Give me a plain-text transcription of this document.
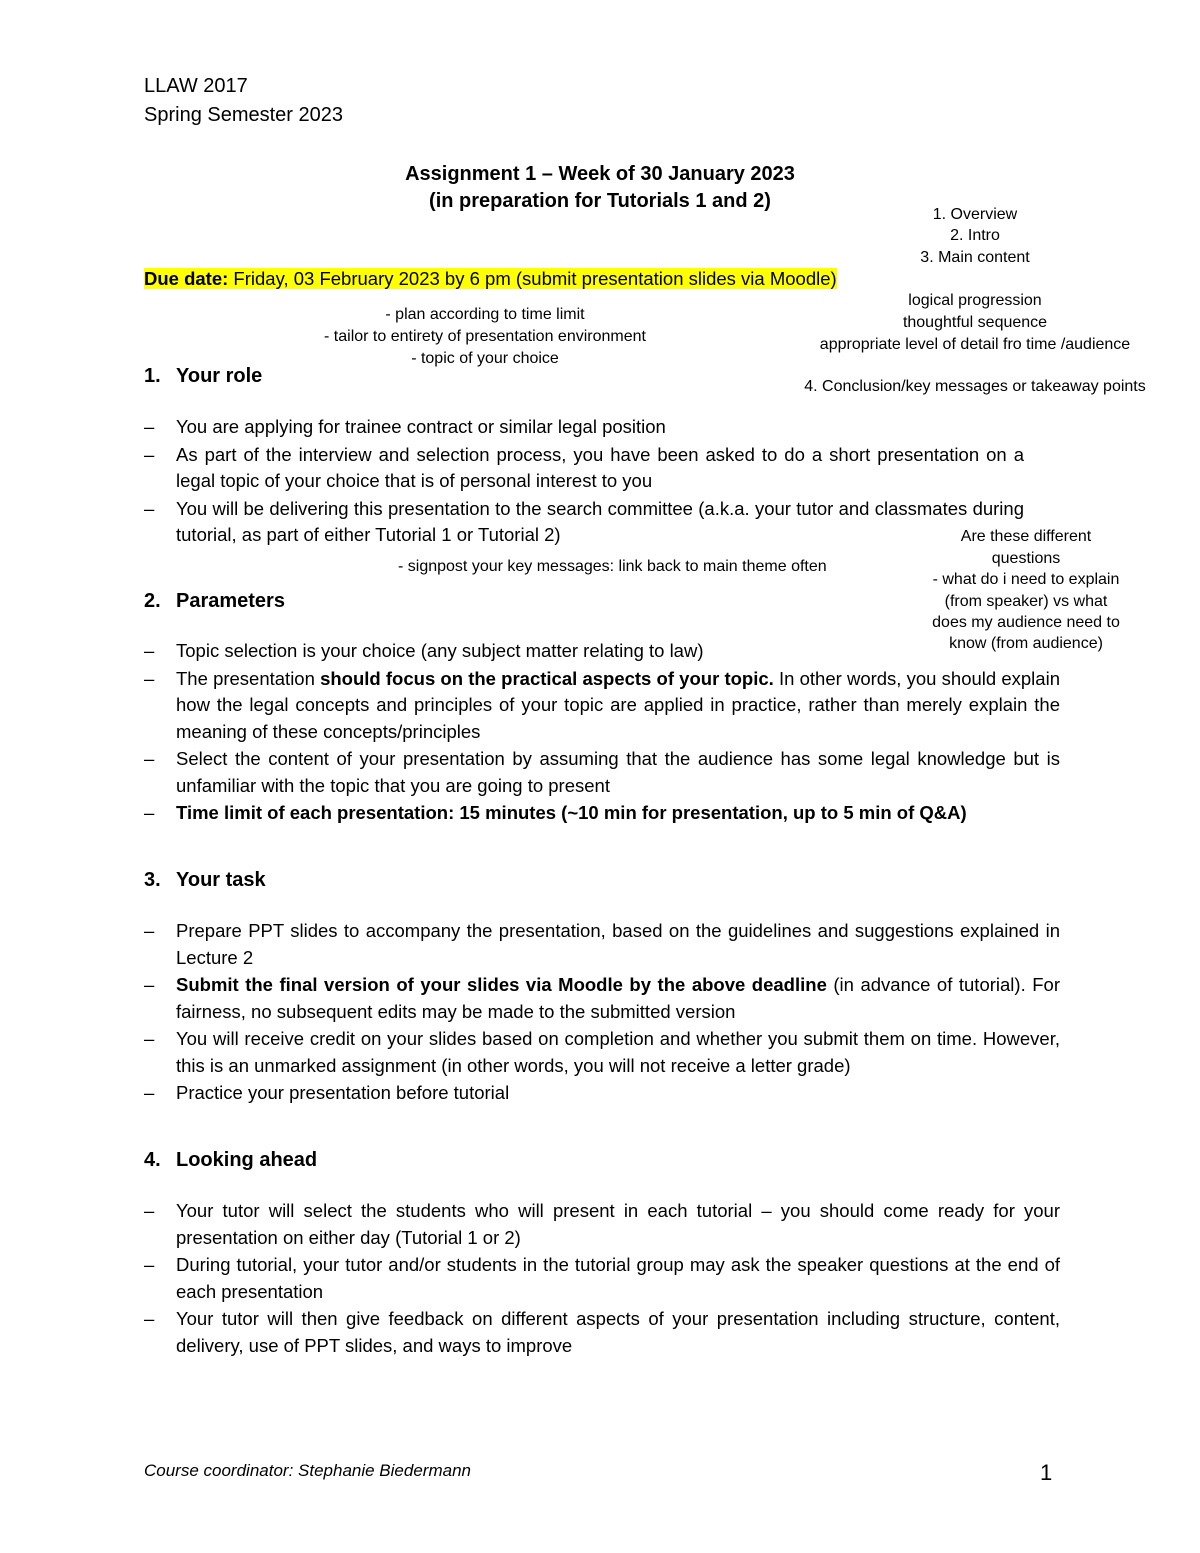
LLAW 2017
Spring Semester 2023
Assignment 1 – Week of 30 January 2023
(in preparation for Tutorials 1 and 2)
Due date: Friday, 03 February 2023 by 6 pm (submit presentation slides via Moodle)
1. Overview
2. Intro
3. Main content
logical progression
thoughtful sequence
appropriate level of detail fro time /audience
4. Conclusion/key messages or takeaway points
- plan according to time limit
- tailor to entirety of presentation environment
- topic of your choice
- signpost your key messages: link back to main theme often
Are these different
questions
- what do i need to explain
(from speaker) vs what
does my audience need to
know (from audience)
1. Your role
– You are applying for trainee contract or similar legal position
– As part of the interview and selection process, you have been asked to do a short presentation on a legal topic of your choice that is of personal interest to you
– You will be delivering this presentation to the search committee (a.k.a. your tutor and classmates during tutorial, as part of either Tutorial 1 or Tutorial 2)
2. Parameters
– Topic selection is your choice (any subject matter relating to law)
– The presentation should focus on the practical aspects of your topic. In other words, you should explain how the legal concepts and principles of your topic are applied in practice, rather than merely explain the meaning of these concepts/principles
– Select the content of your presentation by assuming that the audience has some legal knowledge but is unfamiliar with the topic that you are going to present
– Time limit of each presentation: 15 minutes (~10 min for presentation, up to 5 min of Q&A)
3. Your task
– Prepare PPT slides to accompany the presentation, based on the guidelines and suggestions explained in Lecture 2
– Submit the final version of your slides via Moodle by the above deadline (in advance of tutorial). For fairness, no subsequent edits may be made to the submitted version
– You will receive credit on your slides based on completion and whether you submit them on time. However, this is an unmarked assignment (in other words, you will not receive a letter grade)
– Practice your presentation before tutorial
4. Looking ahead
– Your tutor will select the students who will present in each tutorial – you should come ready for your presentation on either day (Tutorial 1 or 2)
– During tutorial, your tutor and/or students in the tutorial group may ask the speaker questions at the end of each presentation
– Your tutor will then give feedback on different aspects of your presentation including structure, content, delivery, use of PPT slides, and ways to improve
Course coordinator: Stephanie Biedermann	1
